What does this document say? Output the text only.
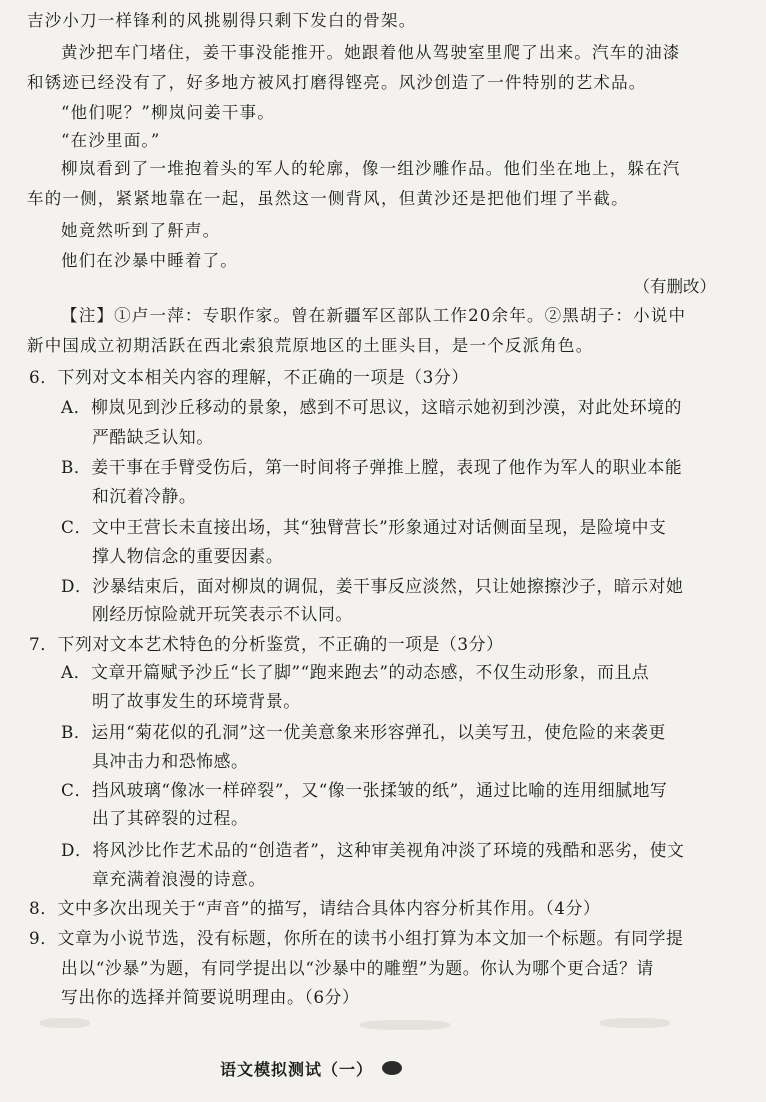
吉沙小刀一样锋利的风挑剔得只剩下发白的骨架。
黄沙把车门堵住，姜干事没能推开。她跟着他从驾驶室里爬了出来。汽车的油漆
和锈迹已经没有了，好多地方被风打磨得铿亮。风沙创造了一件特别的艺术品。
“他们呢？”柳岚问姜干事。
“在沙里面。”
柳岚看到了一堆抱着头的军人的轮廓，像一组沙雕作品。他们坐在地上，躲在汽
车的一侧，紧紧地靠在一起，虽然这一侧背风，但黄沙还是把他们埋了半截。
她竟然听到了鼾声。
他们在沙暴中睡着了。
（有删改）
【注】①卢一萍：专职作家。曾在新疆军区部队工作20余年。②黑胡子：小说中
新中国成立初期活跃在西北索狼荒原地区的土匪头目，是一个反派角色。
6．下列对文本相关内容的理解，不正确的一项是（3分）
A．柳岚见到沙丘移动的景象，感到不可思议，这暗示她初到沙漠，对此处环境的
严酷缺乏认知。
B．姜干事在手臂受伤后，第一时间将子弹推上膛，表现了他作为军人的职业本能
和沉着冷静。
C．文中王营长未直接出场，其“独臂营长”形象通过对话侧面呈现，是险境中支
撑人物信念的重要因素。
D．沙暴结束后，面对柳岚的调侃，姜干事反应淡然，只让她擦擦沙子，暗示对她
刚经历惊险就开玩笑表示不认同。
7．下列对文本艺术特色的分析鉴赏，不正确的一项是（3分）
A．文章开篇赋予沙丘“长了脚”“跑来跑去”的动态感，不仅生动形象，而且点
明了故事发生的环境背景。
B．运用“菊花似的孔洞”这一优美意象来形容弹孔，以美写丑，使危险的来袭更
具冲击力和恐怖感。
C．挡风玻璃“像冰一样碎裂”，又“像一张揉皱的纸”，通过比喻的连用细腻地写
出了其碎裂的过程。
D．将风沙比作艺术品的“创造者”，这种审美视角冲淡了环境的残酷和恶劣，使文
章充满着浪漫的诗意。
8．文中多次出现关于“声音”的描写，请结合具体内容分析其作用。（4分）
9．文章为小说节选，没有标题，你所在的读书小组打算为本文加一个标题。有同学提
出以“沙暴”为题，有同学提出以“沙暴中的雕塑”为题。你认为哪个更合适？请
写出你的选择并简要说明理由。（6分）
语文模拟测试（一）
